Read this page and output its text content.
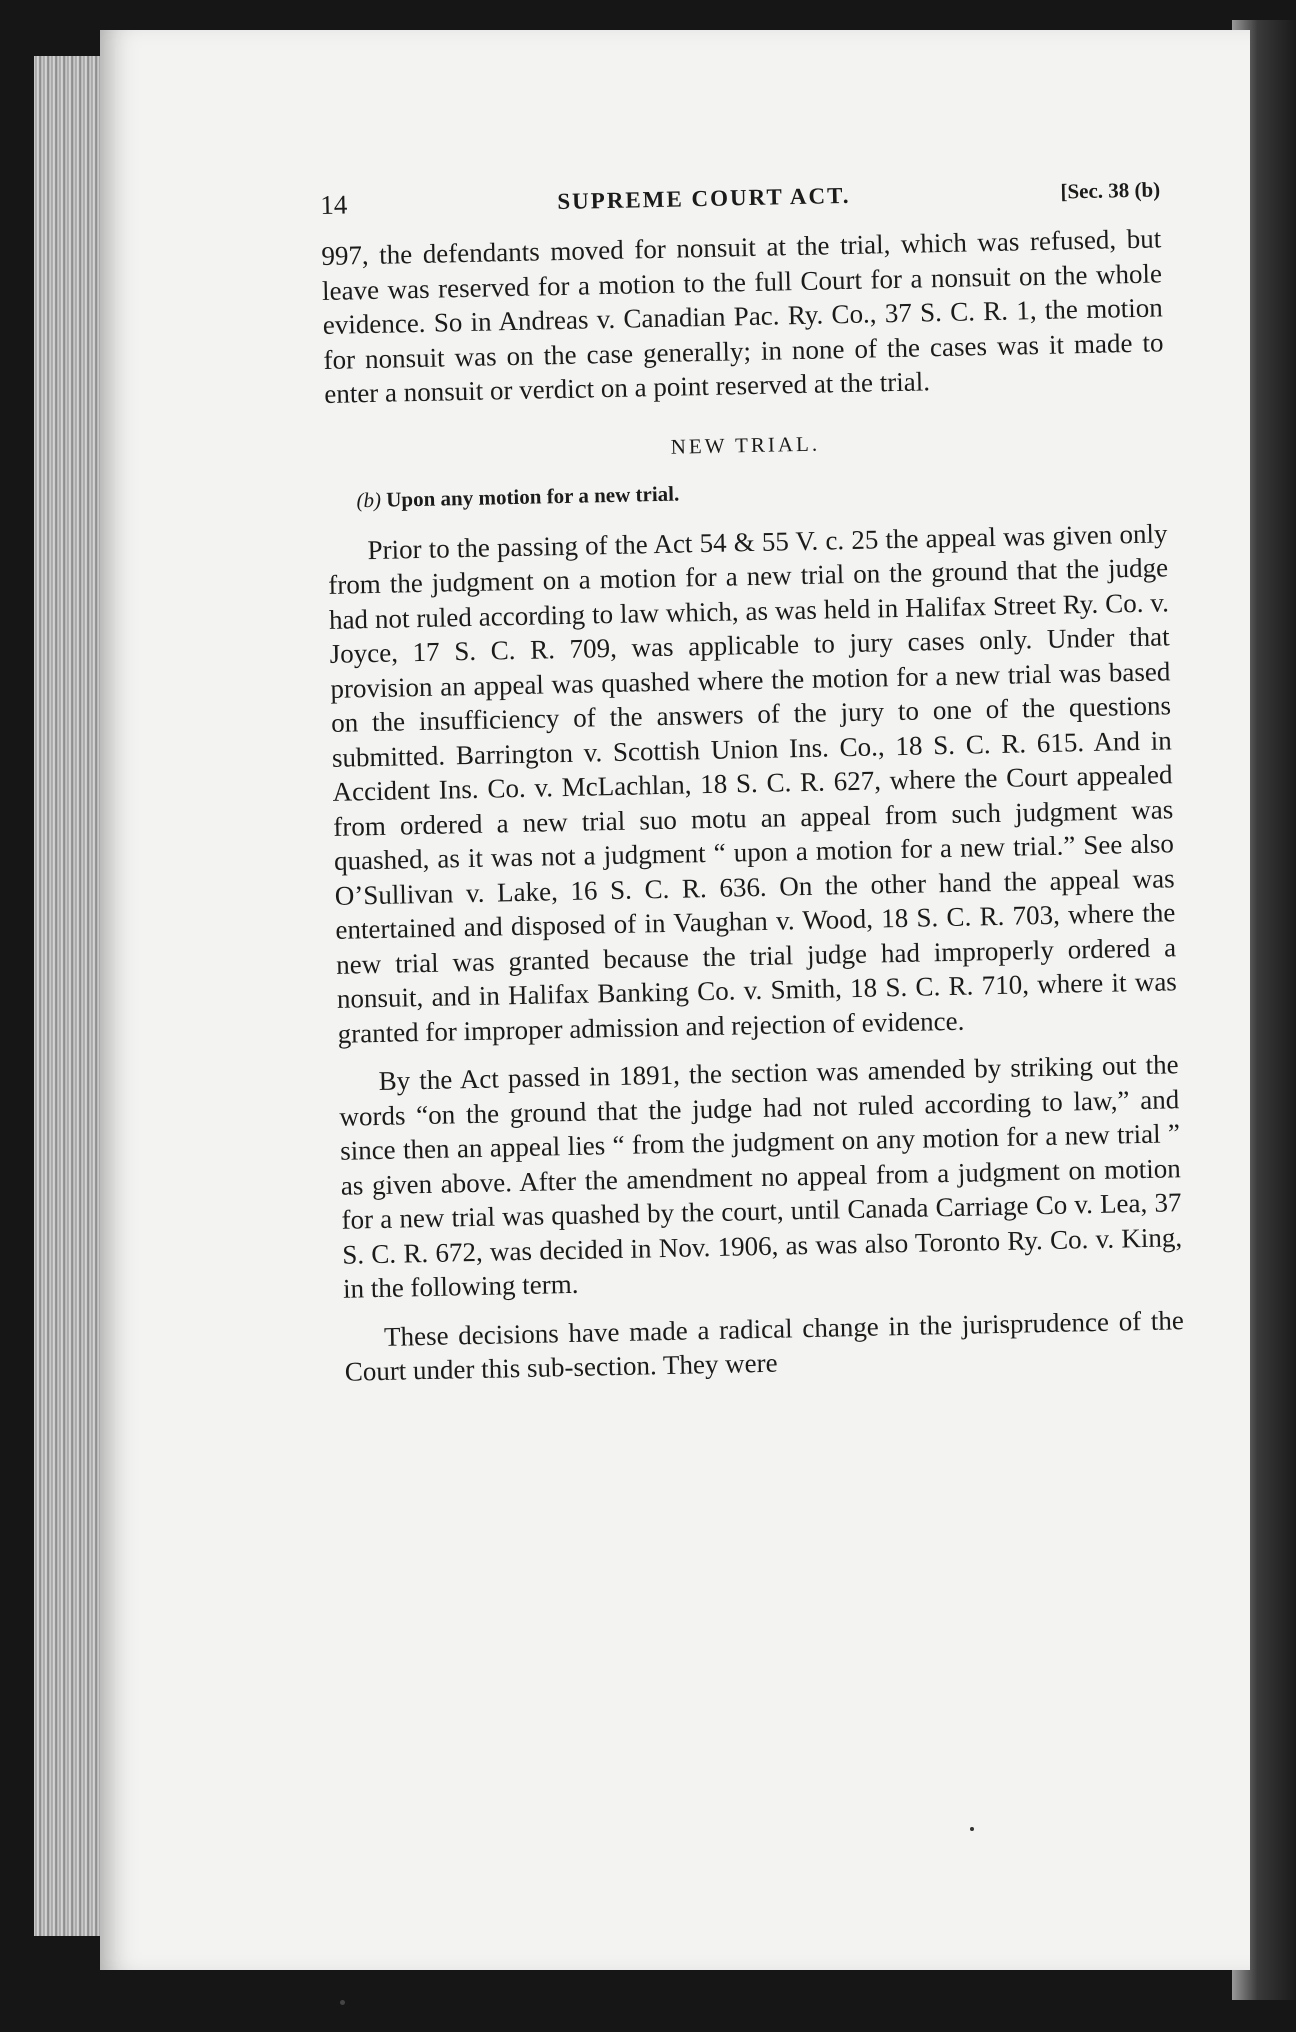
14	SUPREME COURT ACT.	[Sec. 38 (b)

997, the defendants moved for nonsuit at the trial, which was refused, but leave was reserved for a motion to the full Court for a nonsuit on the whole evidence. So in Andreas v. Canadian Pac. Ry. Co., 37 S. C. R. 1, the motion for nonsuit was on the case generally; in none of the cases was it made to enter a nonsuit or verdict on a point reserved at the trial.

NEW TRIAL.
(b) Upon any motion for a new trial.

Prior to the passing of the Act 54 & 55 V. c. 25 the appeal was given only from the judgment on a motion for a new trial on the ground that the judge had not ruled according to law which, as was held in Halifax Street Ry. Co. v. Joyce, 17 S. C. R. 709, was applicable to jury cases only. Under that provision an appeal was quashed where the motion for a new trial was based on the insufficiency of the answers of the jury to one of the questions submitted. Barrington v. Scottish Union Ins. Co., 18 S. C. R. 615. And in Accident Ins. Co. v. McLachlan, 18 S. C. R. 627, where the Court appealed from ordered a new trial suo motu an appeal from such judgment was quashed, as it was not a judgment “ upon a motion for a new trial.” See also O’Sullivan v. Lake, 16 S. C. R. 636. On the other hand the appeal was entertained and disposed of in Vaughan v. Wood, 18 S. C. R. 703, where the new trial was granted because the trial judge had improperly ordered a nonsuit, and in Halifax Banking Co. v. Smith, 18 S. C. R. 710, where it was granted for improper admission and rejection of evidence.

By the Act passed in 1891, the section was amended by striking out the words “on the ground that the judge had not ruled according to law,” and since then an appeal lies “ from the judgment on any motion for a new trial ” as given above. After the amendment no appeal from a judgment on motion for a new trial was quashed by the court, until Canada Carriage Co v. Lea, 37 S. C. R. 672, was decided in Nov. 1906, as was also Toronto Ry. Co. v. King, in the following term.

These decisions have made a radical change in the jurisprudence of the Court under this sub-section. They were
